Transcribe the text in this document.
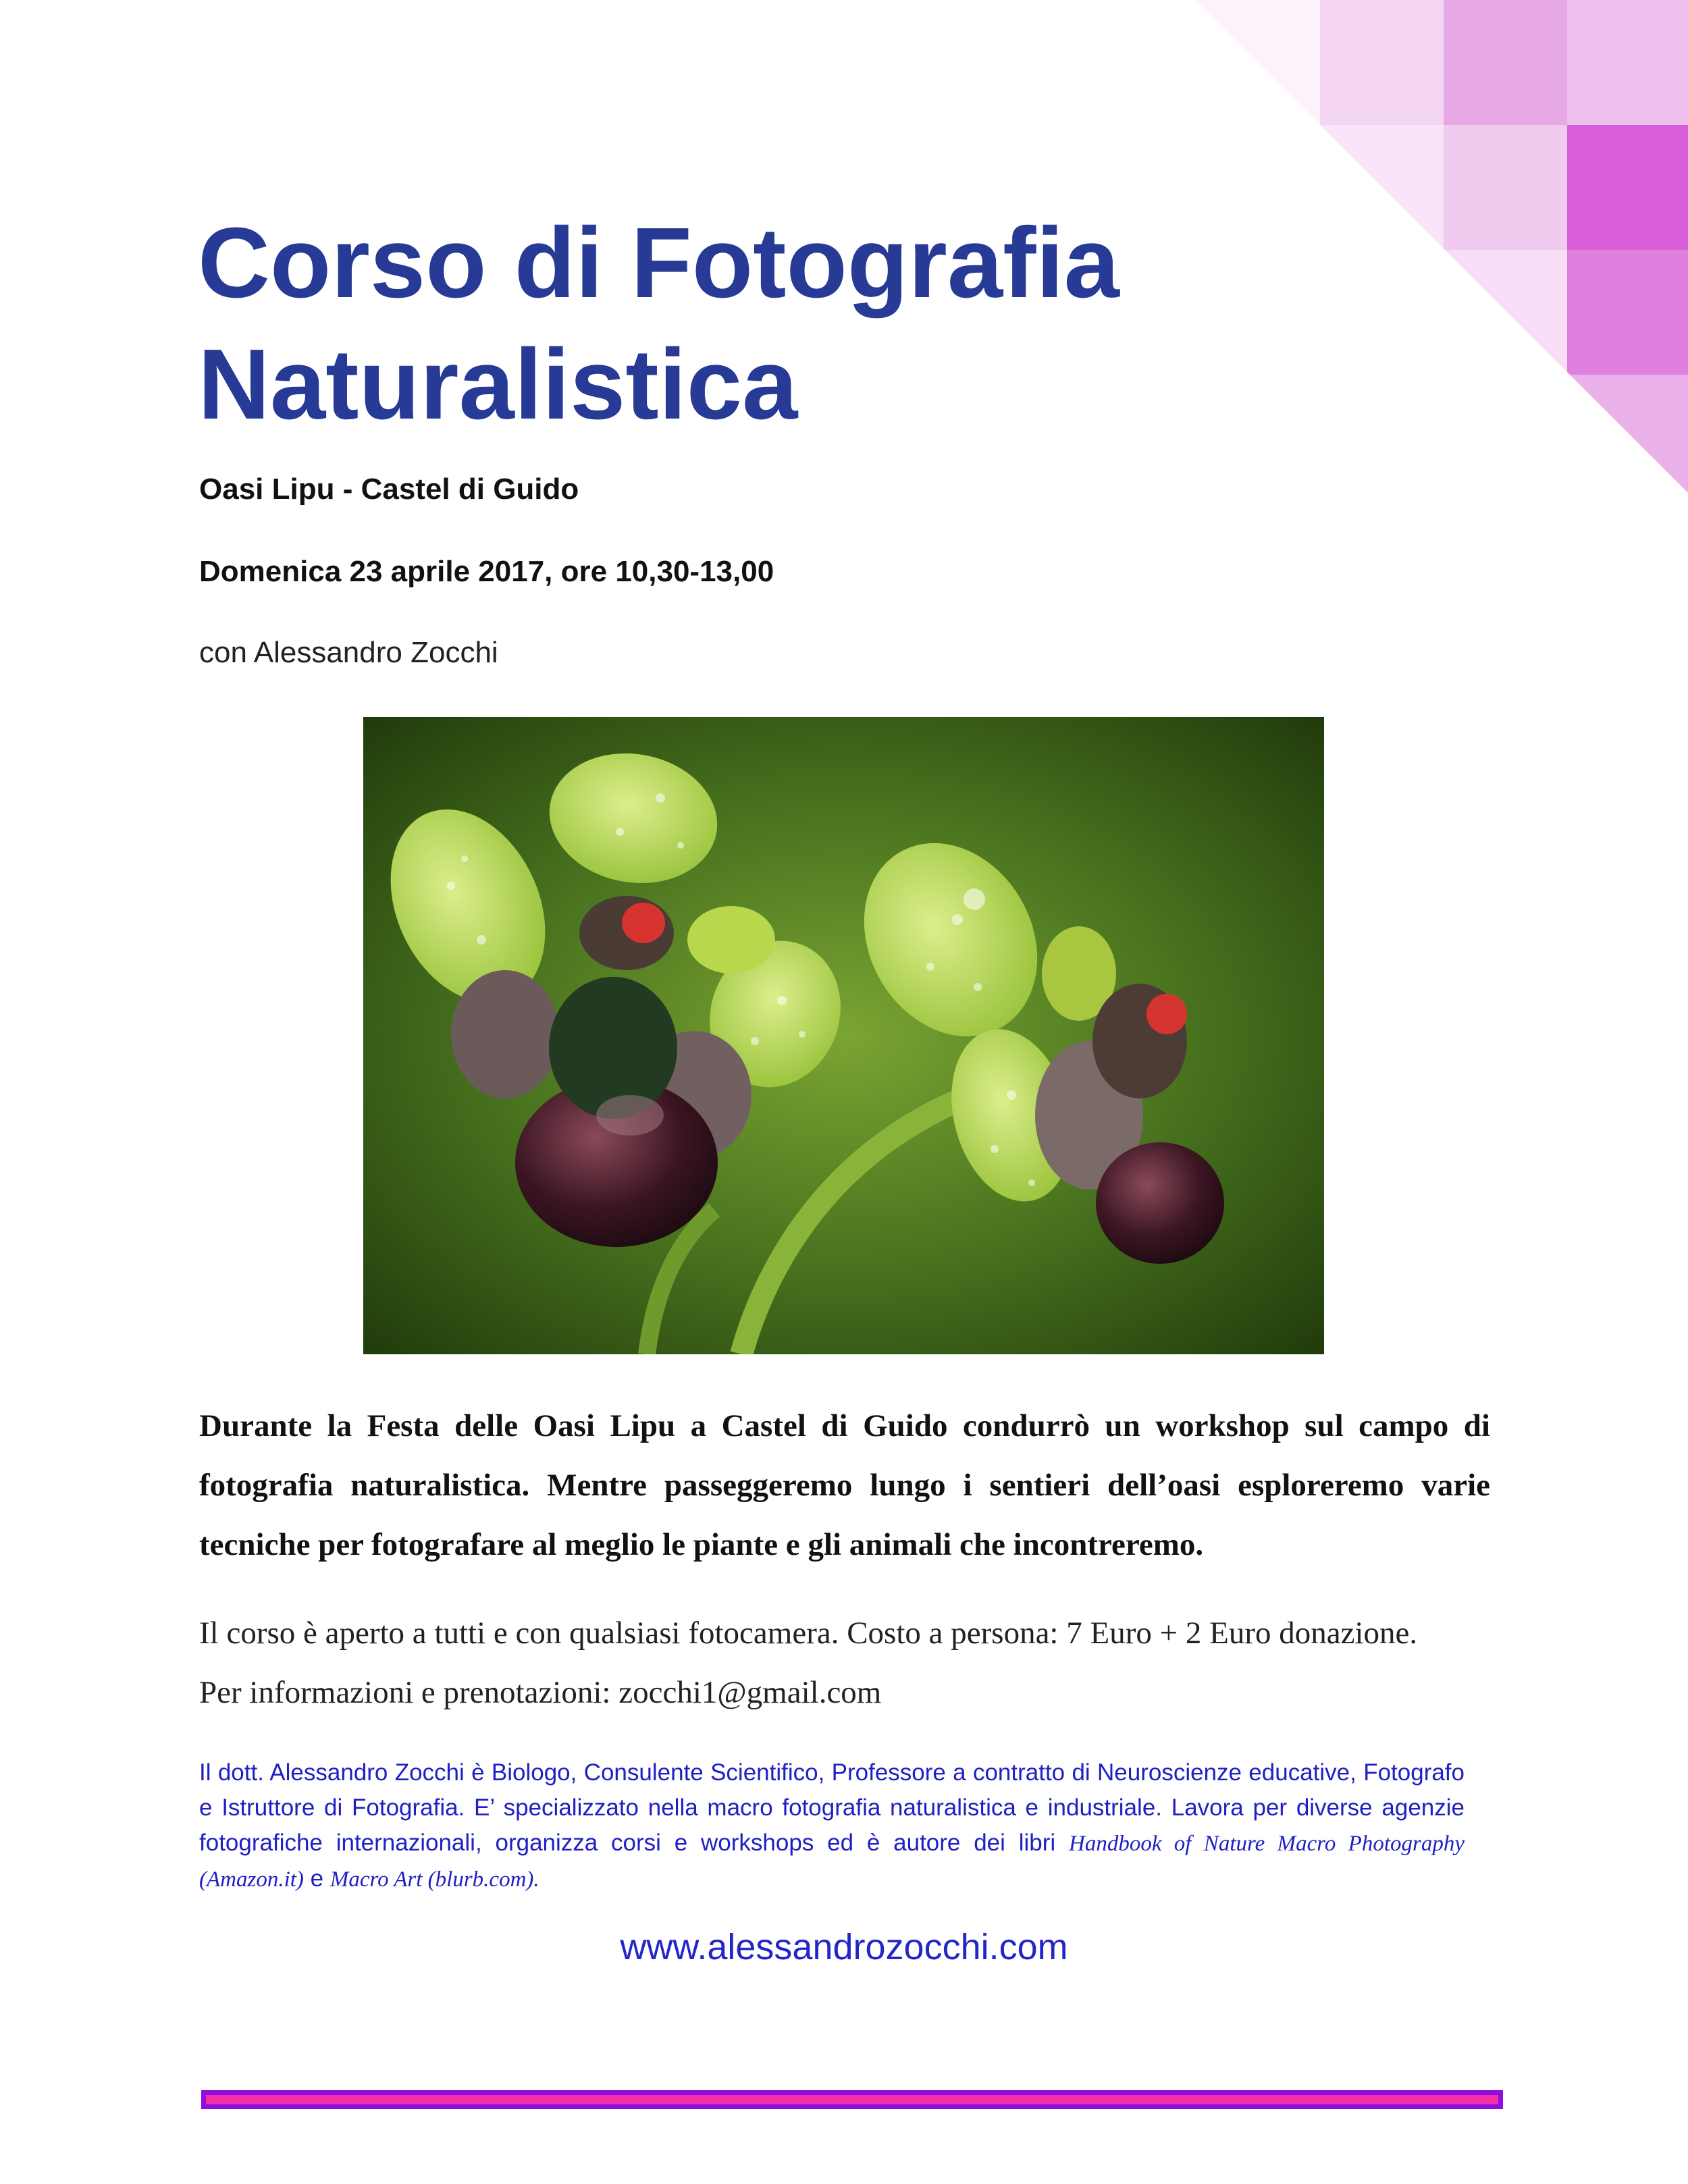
Corso di Fotografia
Naturalistica
Oasi Lipu - Castel di Guido
Domenica 23 aprile 2017, ore 10,30-13,00
con Alessandro Zocchi
Durante la Festa delle Oasi Lipu a Castel di Guido condurrò un workshop sul campo di fotografia naturalistica. Mentre passeggeremo lungo i sentieri dell’oasi esploreremo varie tecniche per fotografare al meglio le piante e gli animali che incontreremo.
Il corso è aperto a tutti e con qualsiasi fotocamera. Costo a persona: 7 Euro + 2 Euro donazione.
Per informazioni e prenotazioni: zocchi1@gmail.com
Il dott. Alessandro Zocchi è Biologo, Consulente Scientifico, Professore a contratto di Neuroscienze educative, Fotografo e Istruttore di Fotografia. E’ specializzato nella macro fotografia naturalistica e industriale. Lavora per diverse agenzie fotografiche internazionali, organizza corsi e workshops ed è autore dei libri Handbook of Nature Macro Photography (Amazon.it) e Macro Art (blurb.com).
www.alessandrozocchi.com
